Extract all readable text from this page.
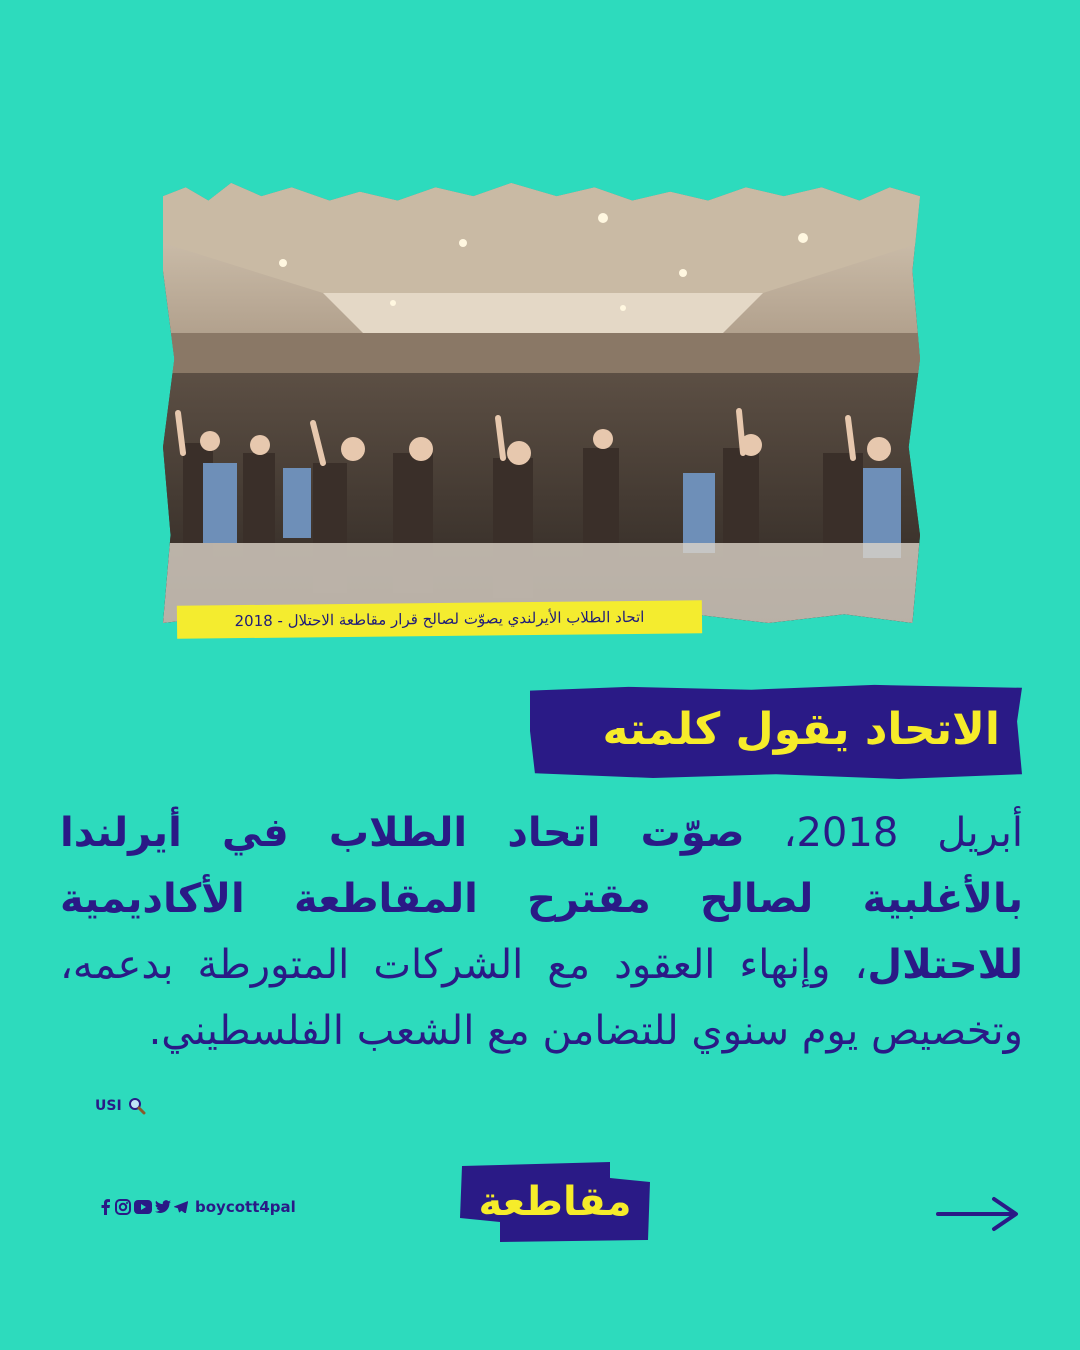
اتحاد الطلاب الأيرلندي يصوّت لصالح قرار مقاطعة الاحتلال - 2018
الاتحاد يقول كلمته
أبريل 2018، صوّت اتحاد الطلاب في أيرلندا بالأغلبية لصالح مقترح المقاطعة الأكاديمية للاحتلال، وإنهاء العقود مع الشركات المتورطة بدعمه، وتخصيص يوم سنوي للتضامن مع الشعب الفلسطيني.
USI
boycott4pal	مقاطعة
